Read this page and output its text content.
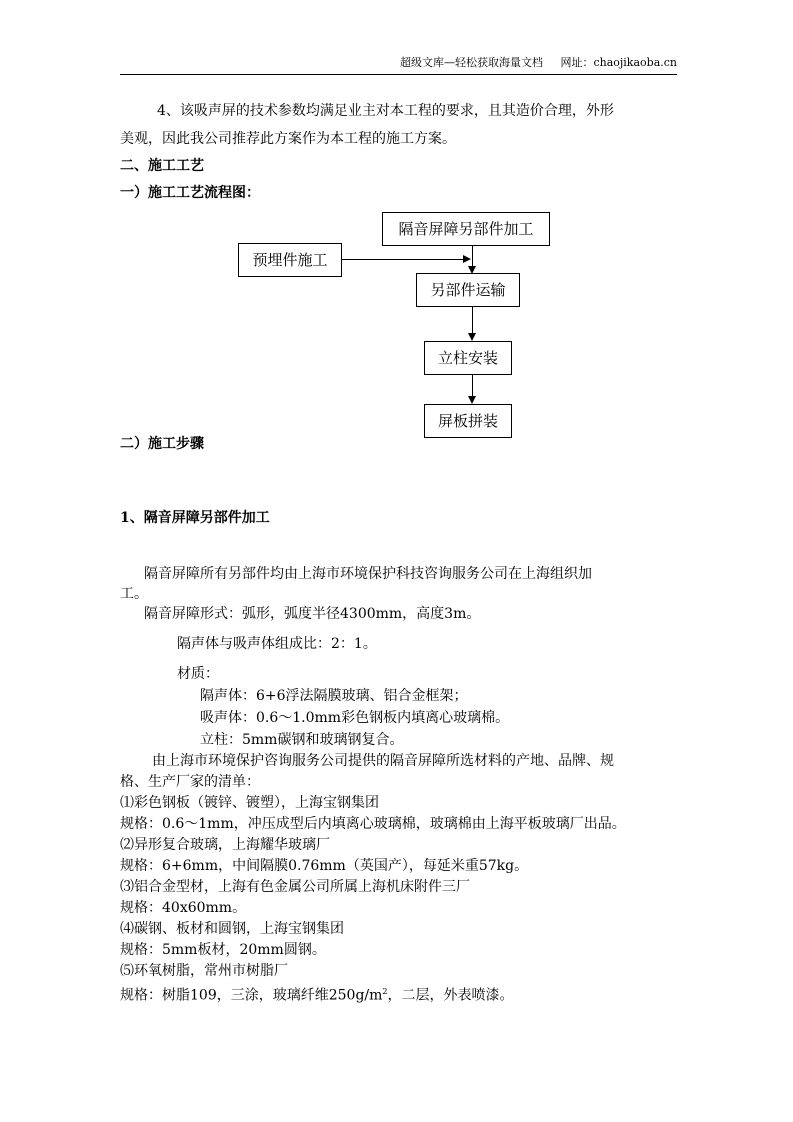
超级文库—轻松获取海量文档 网址：chaojikaoba.cn
4、该吸声屏的技术参数均满足业主对本工程的要求，且其造价合理，外形
美观，因此我公司推荐此方案作为本工程的施工方案。
二、施工工艺
一）施工工艺流程图：
隔音屏障另部件加工
预埋件施工
另部件运输
立柱安装
屏板拼装
二）施工步骤
1、隔音屏障另部件加工
隔音屏障所有另部件均由上海市环境保护科技咨询服务公司在上海组织加
工。
隔音屏障形式：弧形，弧度半径4300mm，高度3m。
隔声体与吸声体组成比：2：1。
材质：
隔声体：6+6浮法隔膜玻璃、铝合金框架；
吸声体：0.6～1.0mm彩色钢板内填离心玻璃棉。
立柱：5mm碳钢和玻璃钢复合。
由上海市环境保护咨询服务公司提供的隔音屏障所选材料的产地、品牌、规
格、生产厂家的清单：
⑴彩色钢板（镀锌、镀塑），上海宝钢集团
规格：0.6～1mm，冲压成型后内填离心玻璃棉，玻璃棉由上海平板玻璃厂出品。
⑵异形复合玻璃，上海耀华玻璃厂
规格：6+6mm，中间隔膜0.76mm（英国产），每延米重57kg。
⑶铝合金型材，上海有色金属公司所属上海机床附件三厂
规格：40x60mm。
⑷碳钢、板材和圆钢，上海宝钢集团
规格：5mm板材，20mm圆钢。
⑸环氧树脂，常州市树脂厂
规格：树脂109，三涂，玻璃纤维$250g/m^2$，二层，外表喷漆。
